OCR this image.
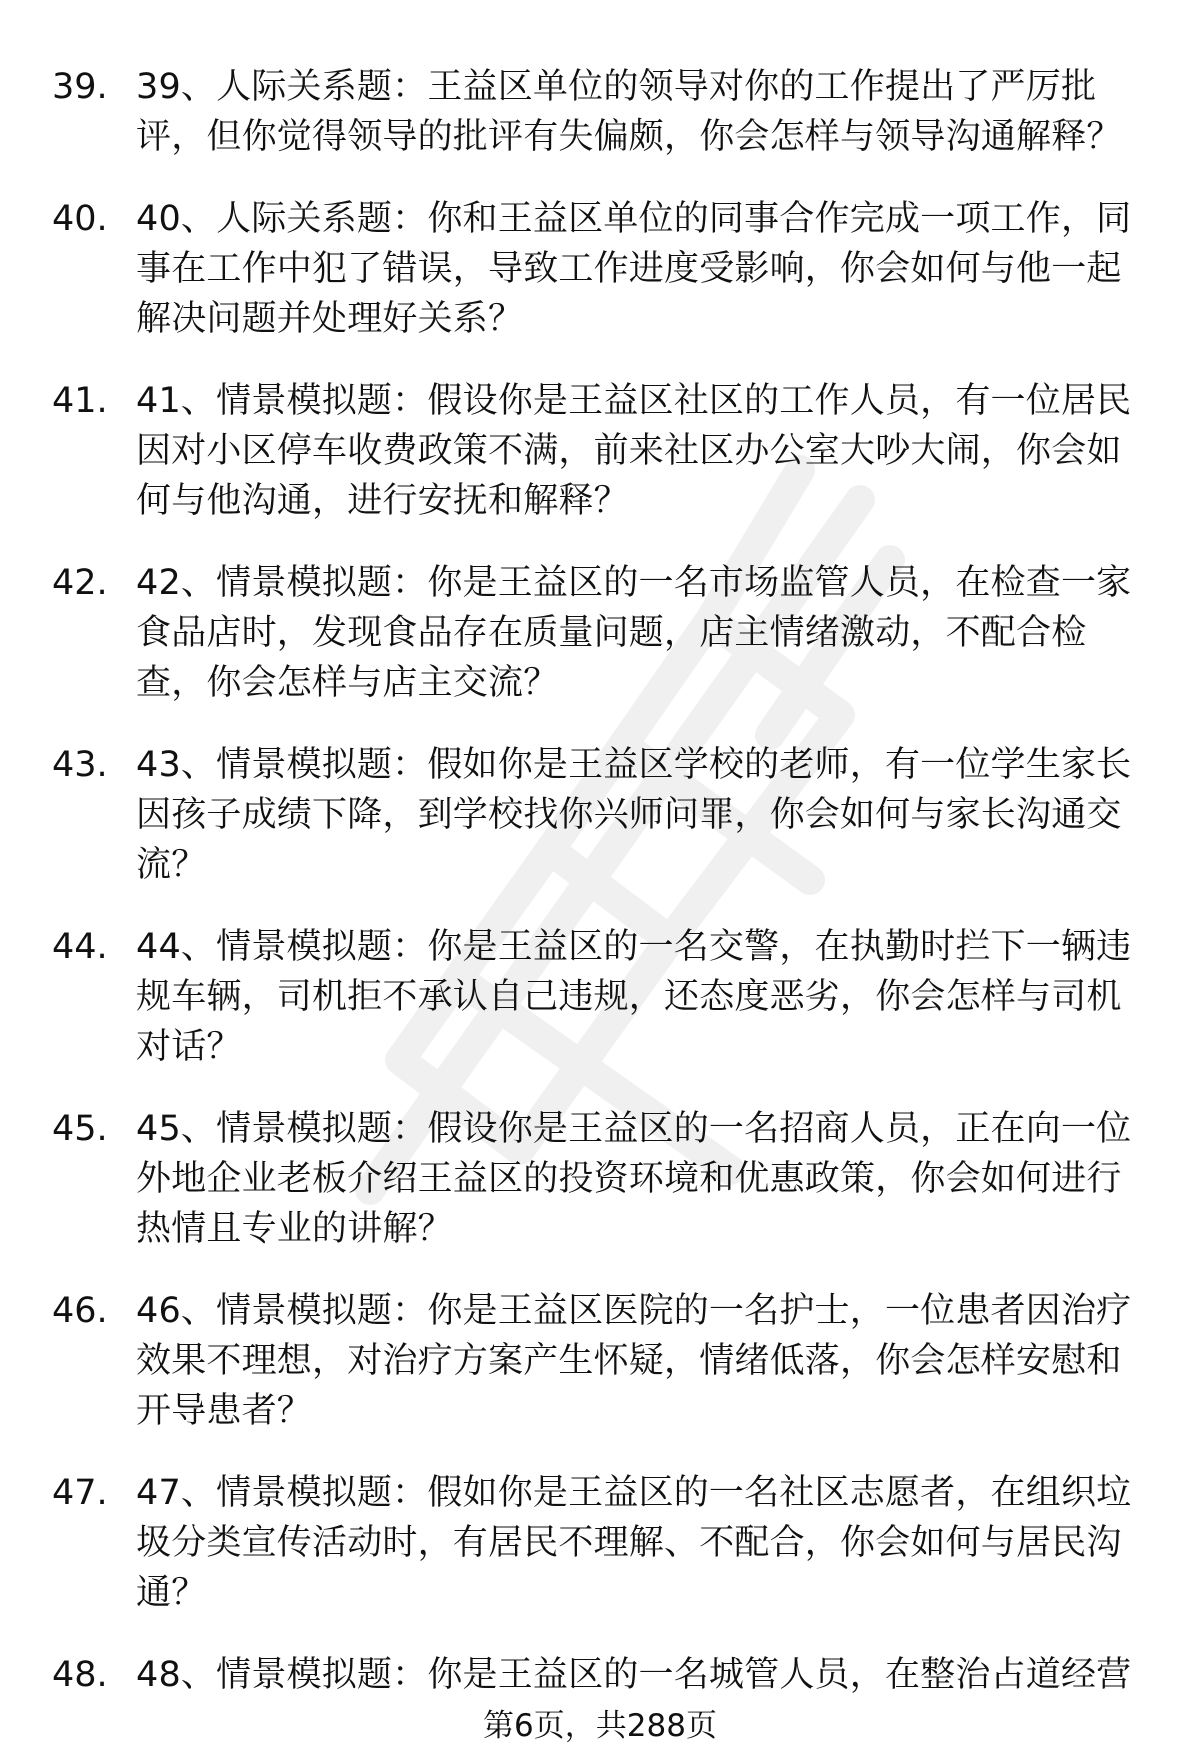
39. 39、人际关系题：王益区单位的领导对你的工作提出了严厉批评，但你觉得领导的批评有失偏颇，你会怎样与领导沟通解释？
40. 40、人际关系题：你和王益区单位的同事合作完成一项工作，同事在工作中犯了错误，导致工作进度受影响，你会如何与他一起解决问题并处理好关系？
41. 41、情景模拟题：假设你是王益区社区的工作人员，有一位居民因对小区停车收费政策不满，前来社区办公室大吵大闹，你会如何与他沟通，进行安抚和解释？
42. 42、情景模拟题：你是王益区的一名市场监管人员，在检查一家食品店时，发现食品存在质量问题，店主情绪激动，不配合检查，你会怎样与店主交流？
43. 43、情景模拟题：假如你是王益区学校的老师，有一位学生家长因孩子成绩下降，到学校找你兴师问罪，你会如何与家长沟通交流？
44. 44、情景模拟题：你是王益区的一名交警，在执勤时拦下一辆违规车辆，司机拒不承认自己违规，还态度恶劣，你会怎样与司机对话？
45. 45、情景模拟题：假设你是王益区的一名招商人员，正在向一位外地企业老板介绍王益区的投资环境和优惠政策，你会如何进行热情且专业的讲解？
46. 46、情景模拟题：你是王益区医院的一名护士，一位患者因治疗效果不理想，对治疗方案产生怀疑，情绪低落，你会怎样安慰和开导患者？
47. 47、情景模拟题：假如你是王益区的一名社区志愿者，在组织垃圾分类宣传活动时，有居民不理解、不配合，你会如何与居民沟通？
48. 48、情景模拟题：你是王益区的一名城管人员，在整治占道经营
第6页，共288页
